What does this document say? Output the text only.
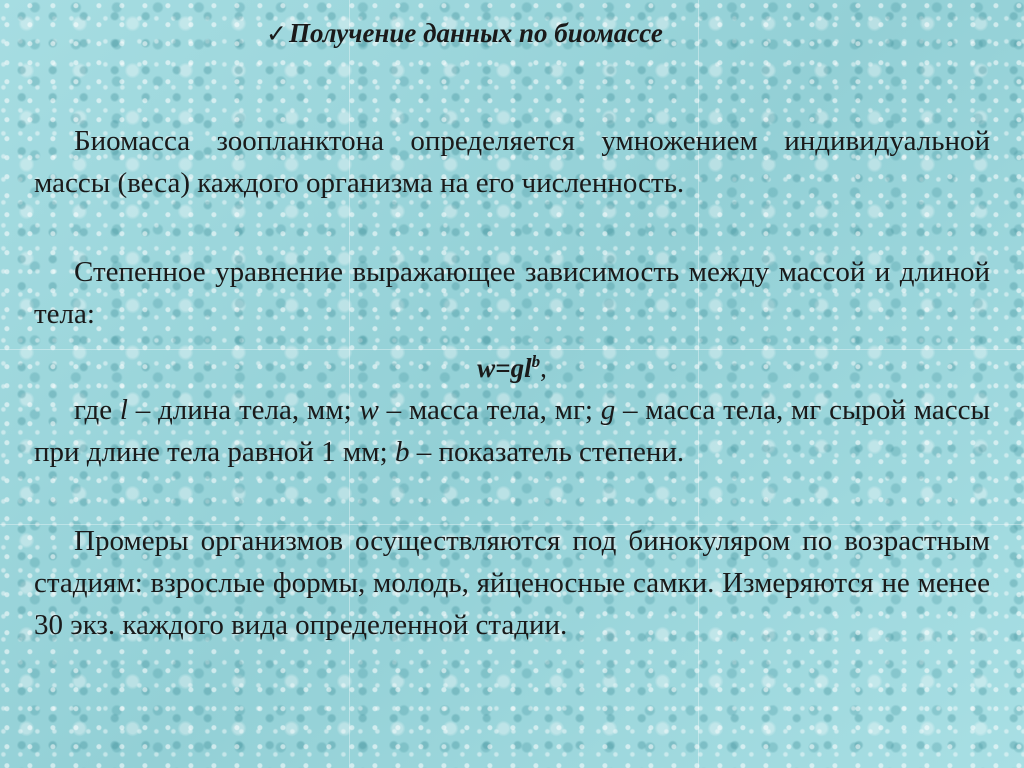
✓Получение данных по биомассе

Биомасса зоопланктона определяется умножением индивидуальной массы (веса) каждого организма на его численность.

Степенное уравнение выражающее зависимость между массой и длиной тела:

$w=gl^b$,

где l – длина тела, мм; w – масса тела, мг; g – масса тела, мг сырой массы при длине тела равной 1 мм; b – показатель степени.

Промеры организмов осуществляются под бинокуляром по возрастным стадиям: взрослые формы, молодь, яйценосные самки. Измеряются не менее 30 экз. каждого вида определенной стадии.
